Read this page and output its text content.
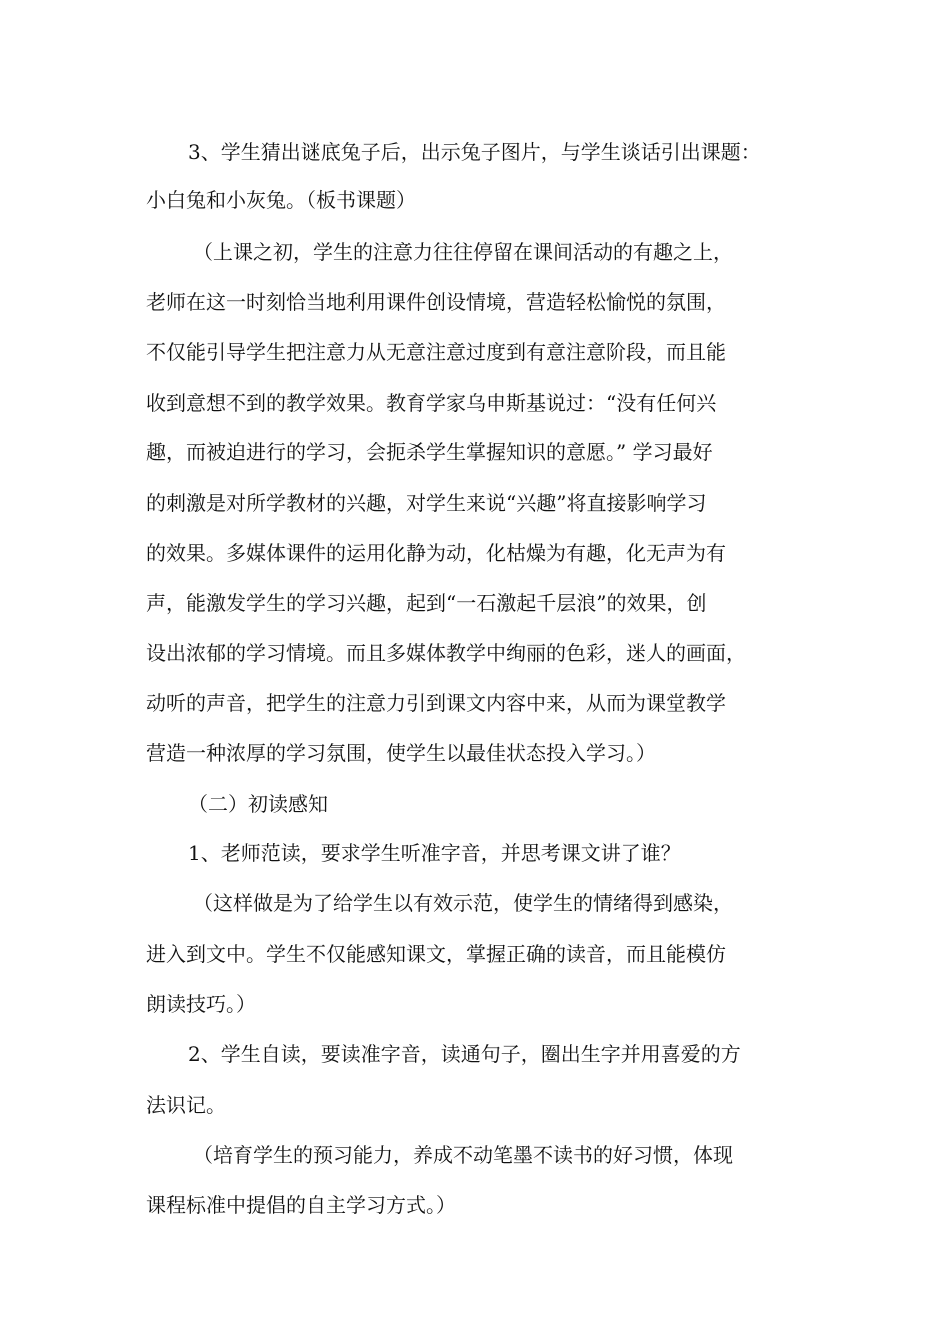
3、学生猜出谜底兔子后，出示兔子图片，与学生谈话引出课题：

小白兔和小灰兔。（板书课题）

（上课之初，学生的注意力往往停留在课间活动的有趣之上，

老师在这一时刻恰当地利用课件创设情境，营造轻松愉悦的氛围，

不仅能引导学生把注意力从无意注意过度到有意注意阶段，而且能

收到意想不到的教学效果。教育学家乌申斯基说过：“没有任何兴

趣，而被迫进行的学习，会扼杀学生掌握知识的意愿。” 学习最好

的刺激是对所学教材的兴趣，对学生来说“兴趣”将直接影响学习

的效果。多媒体课件的运用化静为动，化枯燥为有趣，化无声为有

声，能激发学生的学习兴趣，起到“一石激起千层浪”的效果，创

设出浓郁的学习情境。而且多媒体教学中绚丽的色彩，迷人的画面，

动听的声音，把学生的注意力引到课文内容中来，从而为课堂教学

营造一种浓厚的学习氛围，使学生以最佳状态投入学习。）

（二）初读感知

1、老师范读，要求学生听准字音，并思考课文讲了谁？

（这样做是为了给学生以有效示范，使学生的情绪得到感染，

进入到文中。学生不仅能感知课文，掌握正确的读音，而且能模仿

朗读技巧。）

2、学生自读，要读准字音，读通句子，圈出生字并用喜爱的方

法识记。

（培育学生的预习能力，养成不动笔墨不读书的好习惯，体现

课程标准中提倡的自主学习方式。）
